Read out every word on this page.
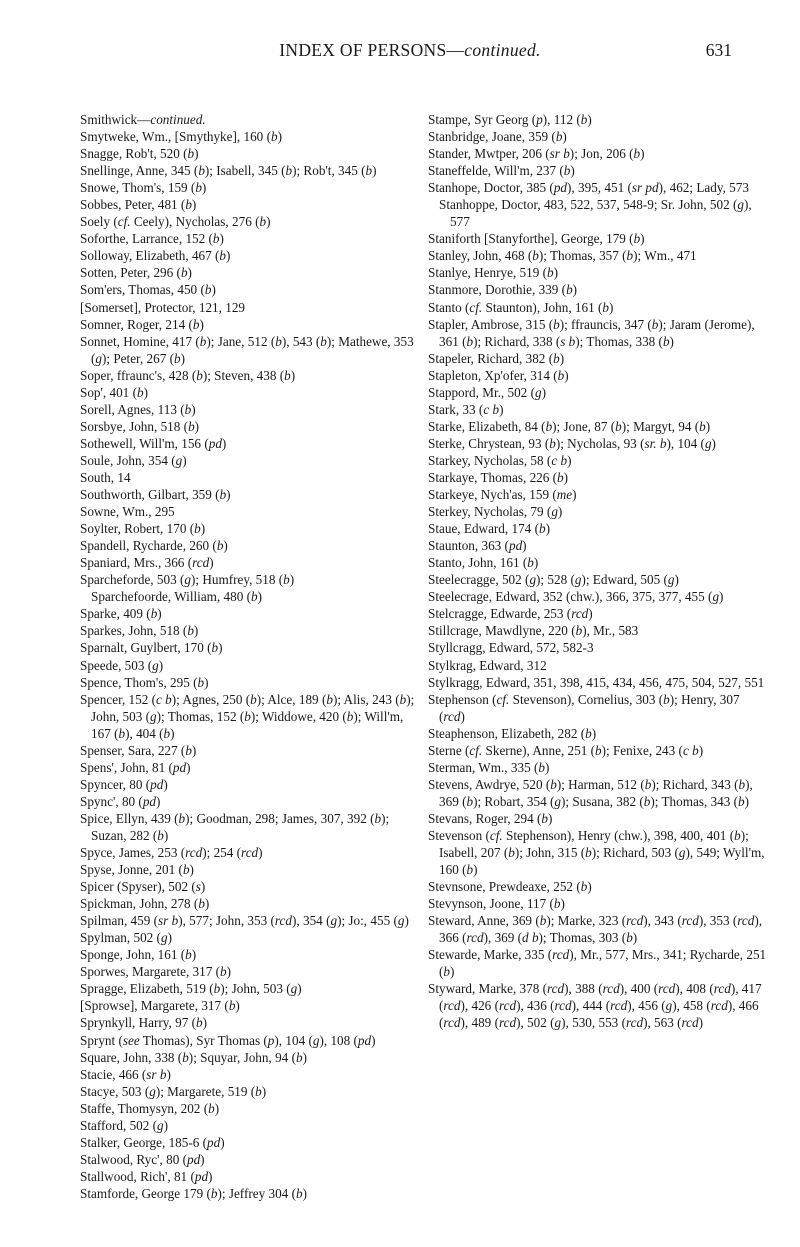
INDEX OF PERSONS—continued.	631

Smithwick—continued.

Smytweke, Wm., [Smythyke], 160 (b)

Snagge, Rob't, 520 (b)

Snellinge, Anne, 345 (b); Isabell, 345 (b); Rob't, 345 (b)

Snowe, Thom's, 159 (b)

Sobbes, Peter, 481 (b)

Soely (cf. Ceely), Nycholas, 276 (b)

Soforthe, Larrance, 152 (b)

Solloway, Elizabeth, 467 (b)

Sotten, Peter, 296 (b)

Som'ers, Thomas, 450 (b)

[Somerset], Protector, 121, 129

Somner, Roger, 214 (b)

Sonnet, Homine, 417 (b); Jane, 512 (b), 543 (b); Mathewe, 353 (g); Peter, 267 (b)

Soper, ffraunc's, 428 (b); Steven, 438 (b)

Sop', 401 (b)

Sorell, Agnes, 113 (b)

Sorsbye, John, 518 (b)

Sothewell, Will'm, 156 (pd)

Soule, John, 354 (g)

South, 14

Southworth, Gilbart, 359 (b)

Sowne, Wm., 295

Soylter, Robert, 170 (b)

Spandell, Rycharde, 260 (b)

Spaniard, Mrs., 366 (rcd)

Sparcheforde, 503 (g); Humfrey, 518 (b)

Sparchefoorde, William, 480 (b)

Sparke, 409 (b)

Sparkes, John, 518 (b)

Sparnalt, Guylbert, 170 (b)

Speede, 503 (g)

Spence, Thom's, 295 (b)

Spencer, 152 (c b); Agnes, 250 (b); Alce, 189 (b); Alis, 243 (b); John, 503 (g); Thomas, 152 (b); Widdowe, 420 (b); Will'm, 167 (b), 404 (b)

Spenser, Sara, 227 (b)

Spens', John, 81 (pd)

Spyncer, 80 (pd)

Spync', 80 (pd)

Spice, Ellyn, 439 (b); Goodman, 298; James, 307, 392 (b); Suzan, 282 (b)

Spyce, James, 253 (rcd); 254 (rcd)

Spyse, Jonne, 201 (b)

Spicer (Spyser), 502 (s)

Spickman, John, 278 (b)

Spilman, 459 (sr b), 577; John, 353 (rcd), 354 (g); Jo:, 455 (g)

Spylman, 502 (g)

Sponge, John, 161 (b)

Sporwes, Margarete, 317 (b)

Spragge, Elizabeth, 519 (b); John, 503 (g)

[Sprowse], Margarete, 317 (b)

Sprynkyll, Harry, 97 (b)

Sprynt (see Thomas), Syr Thomas (p), 104 (g), 108 (pd)

Square, John, 338 (b); Squyar, John, 94 (b)

Stacie, 466 (sr b)

Stacye, 503 (g); Margarete, 519 (b)

Staffe, Thomysyn, 202 (b)

Stafford, 502 (g)

Stalker, George, 185-6 (pd)

Stalwood, Ryc', 80 (pd)

Stallwood, Rich', 81 (pd)

Stamforde, George 179 (b); Jeffrey 304 (b)

Stampe, Syr Georg (p), 112 (b)

Stanbridge, Joane, 359 (b)

Stander, Mwtper, 206 (sr b); Jon, 206 (b)

Staneffelde, Will'm, 237 (b)

Stanhope, Doctor, 385 (pd), 395, 451 (sr pd), 462; Lady, 573

Stanhoppe, Doctor, 483, 522, 537, 548-9; Sr. John, 502 (g), 577

Staniforth [Stanyforthe], George, 179 (b)

Stanley, John, 468 (b); Thomas, 357 (b); Wm., 471

Stanlye, Henrye, 519 (b)

Stanmore, Dorothie, 339 (b)

Stanto (cf. Staunton), John, 161 (b)

Stapler, Ambrose, 315 (b); ffrauncis, 347 (b); Jaram (Jerome), 361 (b); Richard, 338 (s b); Thomas, 338 (b)

Stapeler, Richard, 382 (b)

Stapleton, Xp'ofer, 314 (b)

Stappord, Mr., 502 (g)

Stark, 33 (c b)

Starke, Elizabeth, 84 (b); Jone, 87 (b); Margyt, 94 (b)

Sterke, Chrystean, 93 (b); Nycholas, 93 (sr. b), 104 (g)

Starkey, Nycholas, 58 (c b)

Starkaye, Thomas, 226 (b)

Starkeye, Nych'as, 159 (me)

Sterkey, Nycholas, 79 (g)

Staue, Edward, 174 (b)

Staunton, 363 (pd)

Stanto, John, 161 (b)

Steelecragge, 502 (g); 528 (g); Edward, 505 (g)

Steelecrage, Edward, 352 (chw.), 366, 375, 377, 455 (g)

Stelcragge, Edwarde, 253 (rcd)

Stillcrage, Mawdlyne, 220 (b), Mr., 583

Styllcragg, Edward, 572, 582-3

Stylkrag, Edward, 312

Stylkragg, Edward, 351, 398, 415, 434, 456, 475, 504, 527, 551

Stephenson (cf. Stevenson), Cornelius, 303 (b); Henry, 307 (rcd)

Steaphenson, Elizabeth, 282 (b)

Sterne (cf. Skerne), Anne, 251 (b); Fenixe, 243 (c b)

Sterman, Wm., 335 (b)

Stevens, Awdrye, 520 (b); Harman, 512 (b); Richard, 343 (b), 369 (b); Robart, 354 (g); Susana, 382 (b); Thomas, 343 (b)

Stevans, Roger, 294 (b)

Stevenson (cf. Stephenson), Henry (chw.), 398, 400, 401 (b); Isabell, 207 (b); John, 315 (b); Richard, 503 (g), 549; Wyll'm, 160 (b)

Stevnsone, Prewdeaxe, 252 (b)

Stevynson, Joone, 117 (b)

Steward, Anne, 369 (b); Marke, 323 (rcd), 343 (rcd), 353 (rcd), 366 (rcd), 369 (d b); Thomas, 303 (b)

Stewarde, Marke, 335 (rcd), Mr., 577, Mrs., 341; Rycharde, 251 (b)

Styward, Marke, 378 (rcd), 388 (rcd), 400 (rcd), 408 (rcd), 417 (rcd), 426 (rcd), 436 (rcd), 444 (rcd), 456 (g), 458 (rcd), 466 (rcd), 489 (rcd), 502 (g), 530, 553 (rcd), 563 (rcd)
